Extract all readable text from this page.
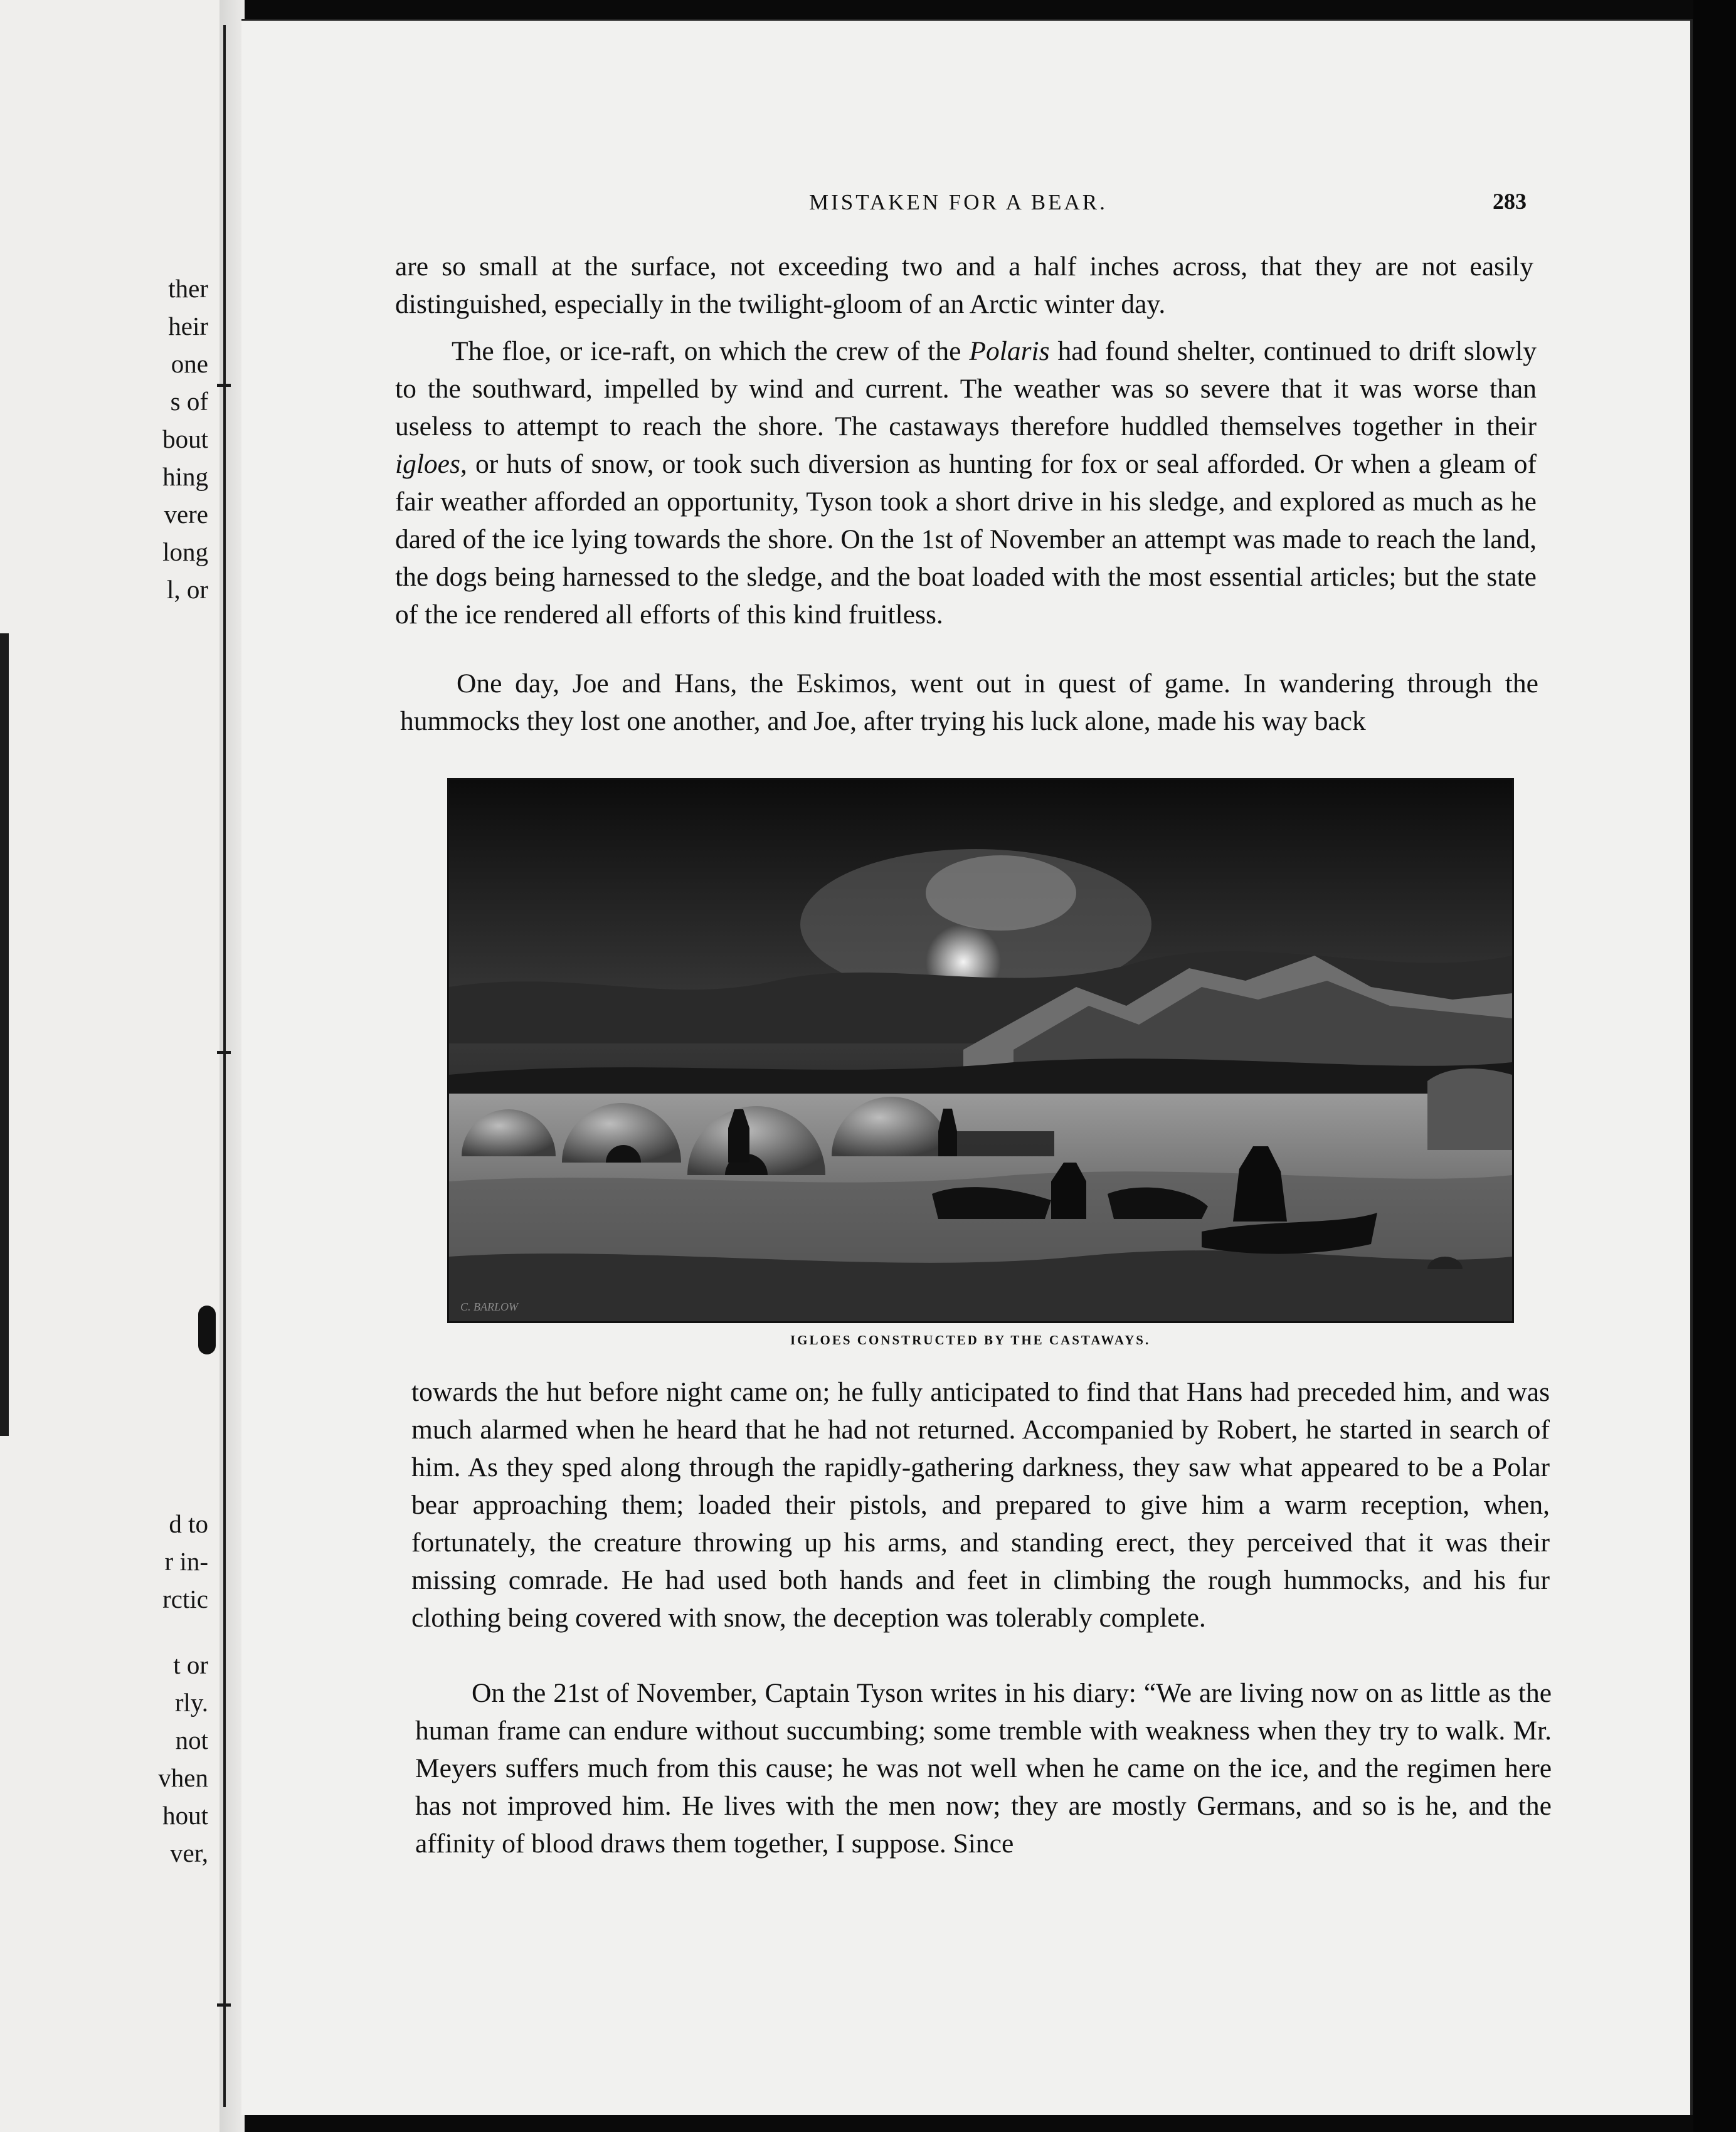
ther
heir
one
s of
bout
hing
vere
long
l, or
d to
r in-
rctic
t or
rly.
not
vhen
hout
ver,
MISTAKEN FOR A BEAR.	283

are so small at the surface, not exceeding two and a half inches across, that they are not easily distinguished, especially in the twilight-gloom of an Arctic winter day.

The floe, or ice-raft, on which the crew of the Polaris had found shelter, continued to drift slowly to the southward, impelled by wind and current. The weather was so severe that it was worse than useless to attempt to reach the shore. The castaways therefore huddled themselves together in their igloes, or huts of snow, or took such diversion as hunting for fox or seal afforded. Or when a gleam of fair weather afforded an opportunity, Tyson took a short drive in his sledge, and explored as much as he dared of the ice lying towards the shore. On the 1st of November an attempt was made to reach the land, the dogs being harnessed to the sledge, and the boat loaded with the most essential articles; but the state of the ice rendered all efforts of this kind fruitless.

One day, Joe and Hans, the Eskimos, went out in quest of game. In wandering through the hummocks they lost one another, and Joe, after trying his luck alone, made his way back

C. BARLOW
IGLOES CONSTRUCTED BY THE CASTAWAYS.

towards the hut before night came on; he fully anticipated to find that Hans had preceded him, and was much alarmed when he heard that he had not returned. Accompanied by Robert, he started in search of him. As they sped along through the rapidly-gathering darkness, they saw what appeared to be a Polar bear approaching them; loaded their pistols, and prepared to give him a warm reception, when, fortunately, the creature throwing up his arms, and standing erect, they perceived that it was their missing comrade. He had used both hands and feet in climbing the rough hummocks, and his fur clothing being covered with snow, the deception was tolerably complete.

On the 21st of November, Captain Tyson writes in his diary: “We are living now on as little as the human frame can endure without succumbing; some tremble with weakness when they try to walk. Mr. Meyers suffers much from this cause; he was not well when he came on the ice, and the regimen here has not improved him. He lives with the men now; they are mostly Germans, and so is he, and the affinity of blood draws them together, I suppose. Since
